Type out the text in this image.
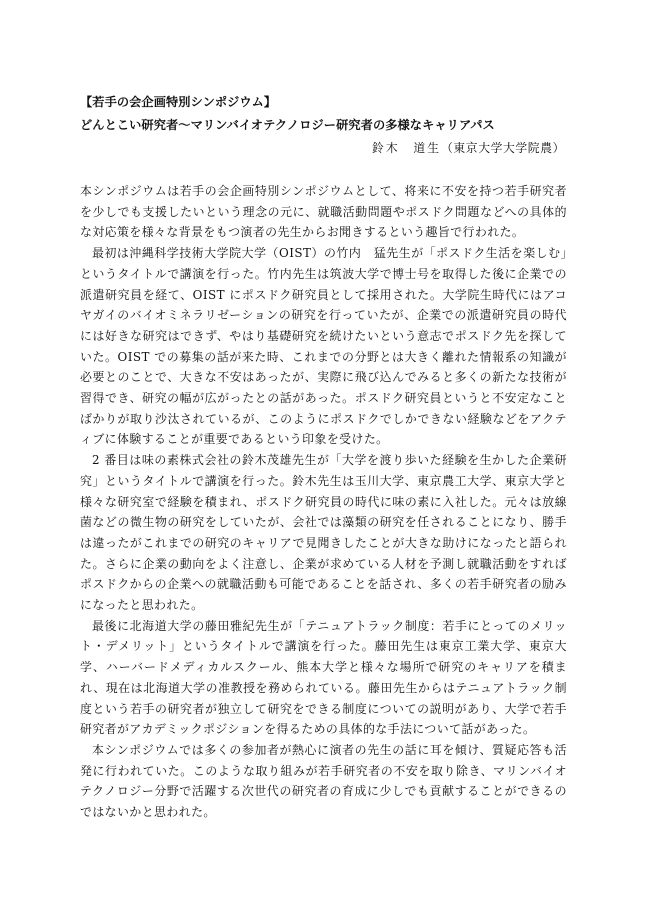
【若手の会企画特別シンポジウム】
どんとこい研究者〜マリンバイオテクノロジー研究者の多様なキャリアパス
鈴木　道生（東京大学大学院農）

本シンポジウムは若手の会企画特別シンポジウムとして、将来に不安を持つ若手研究者を少しでも支援したいという理念の元に、就職活動問題やポスドク問題などへの具体的な対応策を様々な背景をもつ演者の先生からお聞きするという趣旨で行われた。

最初は沖縄科学技術大学院大学（OIST）の竹内　猛先生が「ポスドク生活を楽しむ」というタイトルで講演を行った。竹内先生は筑波大学で博士号を取得した後に企業での派遣研究員を経て、OIST にポスドク研究員として採用された。大学院生時代にはアコヤガイのバイオミネラリゼーションの研究を行っていたが、企業での派遣研究員の時代には好きな研究はできず、やはり基礎研究を続けたいという意志でポスドク先を探していた。OIST での募集の話が来た時、これまでの分野とは大きく離れた情報系の知識が必要とのことで、大きな不安はあったが、実際に飛び込んでみると多くの新たな技術が習得でき、研究の幅が広がったとの話があった。ポスドク研究員というと不安定なことばかりが取り沙汰されているが、このようにポスドクでしかできない経験などをアクティブに体験することが重要であるという印象を受けた。

2 番目は味の素株式会社の鈴木茂雄先生が「大学を渡り歩いた経験を生かした企業研究」というタイトルで講演を行った。鈴木先生は玉川大学、東京農工大学、東京大学と様々な研究室で経験を積まれ、ポスドク研究員の時代に味の素に入社した。元々は放線菌などの微生物の研究をしていたが、会社では藻類の研究を任されることになり、勝手は違ったがこれまでの研究のキャリアで見聞きしたことが大きな助けになったと語られた。さらに企業の動向をよく注意し、企業が求めている人材を予測し就職活動をすればポスドクからの企業への就職活動も可能であることを話され、多くの若手研究者の励みになったと思われた。

最後に北海道大学の藤田雅紀先生が「テニュアトラック制度：若手にとってのメリット・デメリット」というタイトルで講演を行った。藤田先生は東京工業大学、東京大学、ハーバードメディカルスクール、熊本大学と様々な場所で研究のキャリアを積まれ、現在は北海道大学の准教授を務められている。藤田先生からはテニュアトラック制度という若手の研究者が独立して研究をできる制度についての説明があり、大学で若手研究者がアカデミックポジションを得るための具体的な手法について話があった。

本シンポジウムでは多くの参加者が熱心に演者の先生の話に耳を傾け、質疑応答も活発に行われていた。このような取り組みが若手研究者の不安を取り除き、マリンバイオテクノロジー分野で活躍する次世代の研究者の育成に少しでも貢献することができるのではないかと思われた。
